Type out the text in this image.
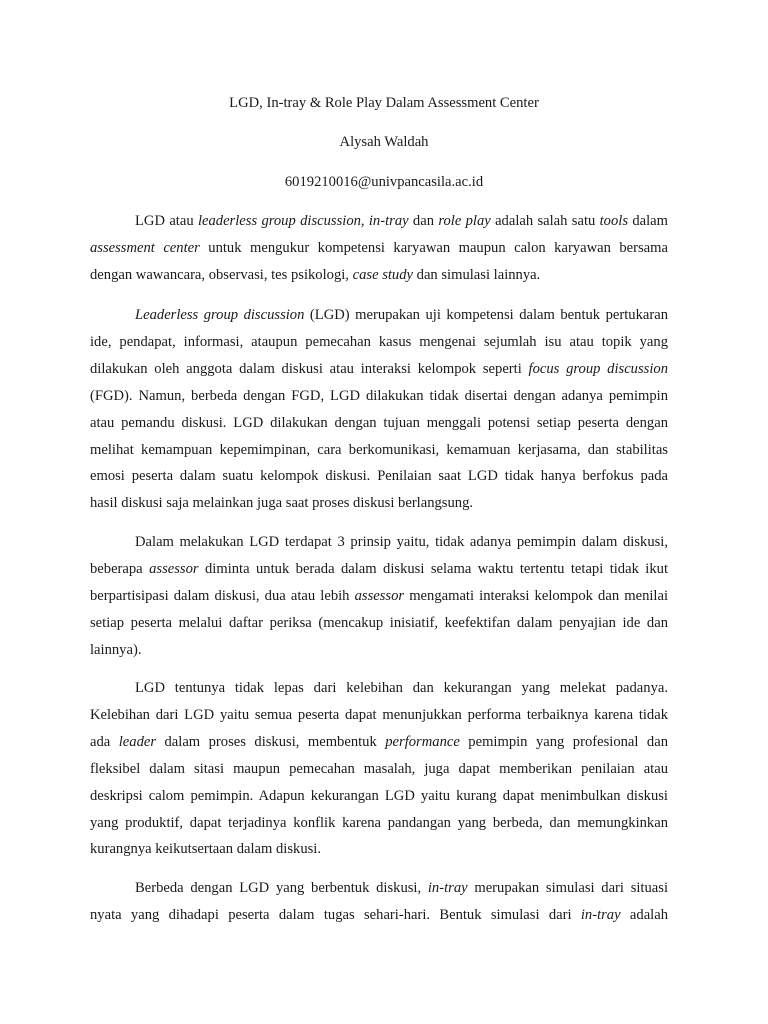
LGD, In-tray & Role Play Dalam Assessment Center
Alysah Waldah
6019210016@univpancasila.ac.id
LGD atau leaderless group discussion, in-tray dan role play adalah salah satu tools dalam
assessment center untuk mengukur kompetensi karyawan maupun calon karyawan bersama
dengan wawancara, observasi, tes psikologi, case study dan simulasi lainnya.
Leaderless group discussion (LGD) merupakan uji kompetensi dalam bentuk pertukaran
ide, pendapat, informasi, ataupun pemecahan kasus mengenai sejumlah isu atau topik yang
dilakukan oleh anggota dalam diskusi atau interaksi kelompok seperti focus group discussion
(FGD). Namun, berbeda dengan FGD, LGD dilakukan tidak disertai dengan adanya pemimpin
atau pemandu diskusi. LGD dilakukan dengan tujuan menggali potensi setiap peserta dengan
melihat kemampuan kepemimpinan, cara berkomunikasi, kemamuan kerjasama, dan stabilitas
emosi peserta dalam suatu kelompok diskusi. Penilaian saat LGD tidak hanya berfokus pada
hasil diskusi saja melainkan juga saat proses diskusi berlangsung.
Dalam melakukan LGD terdapat 3 prinsip yaitu, tidak adanya pemimpin dalam diskusi,
beberapa assessor diminta untuk berada dalam diskusi selama waktu tertentu tetapi tidak ikut
berpartisipasi dalam diskusi, dua atau lebih assessor mengamati interaksi kelompok dan menilai
setiap peserta melalui daftar periksa (mencakup inisiatif, keefektifan dalam penyajian ide dan
lainnya).
LGD tentunya tidak lepas dari kelebihan dan kekurangan yang melekat padanya.
Kelebihan dari LGD yaitu semua peserta dapat menunjukkan performa terbaiknya karena tidak
ada leader dalam proses diskusi, membentuk performance pemimpin yang profesional dan
fleksibel dalam sitasi maupun pemecahan masalah, juga dapat memberikan penilaian atau
deskripsi calom pemimpin. Adapun kekurangan LGD yaitu kurang dapat menimbulkan diskusi
yang produktif, dapat terjadinya konflik karena pandangan yang berbeda, dan memungkinkan
kurangnya keikutsertaan dalam diskusi.
Berbeda dengan LGD yang berbentuk diskusi, in-tray merupakan simulasi dari situasi
nyata yang dihadapi peserta dalam tugas sehari-hari. Bentuk simulasi dari in-tray adalah
